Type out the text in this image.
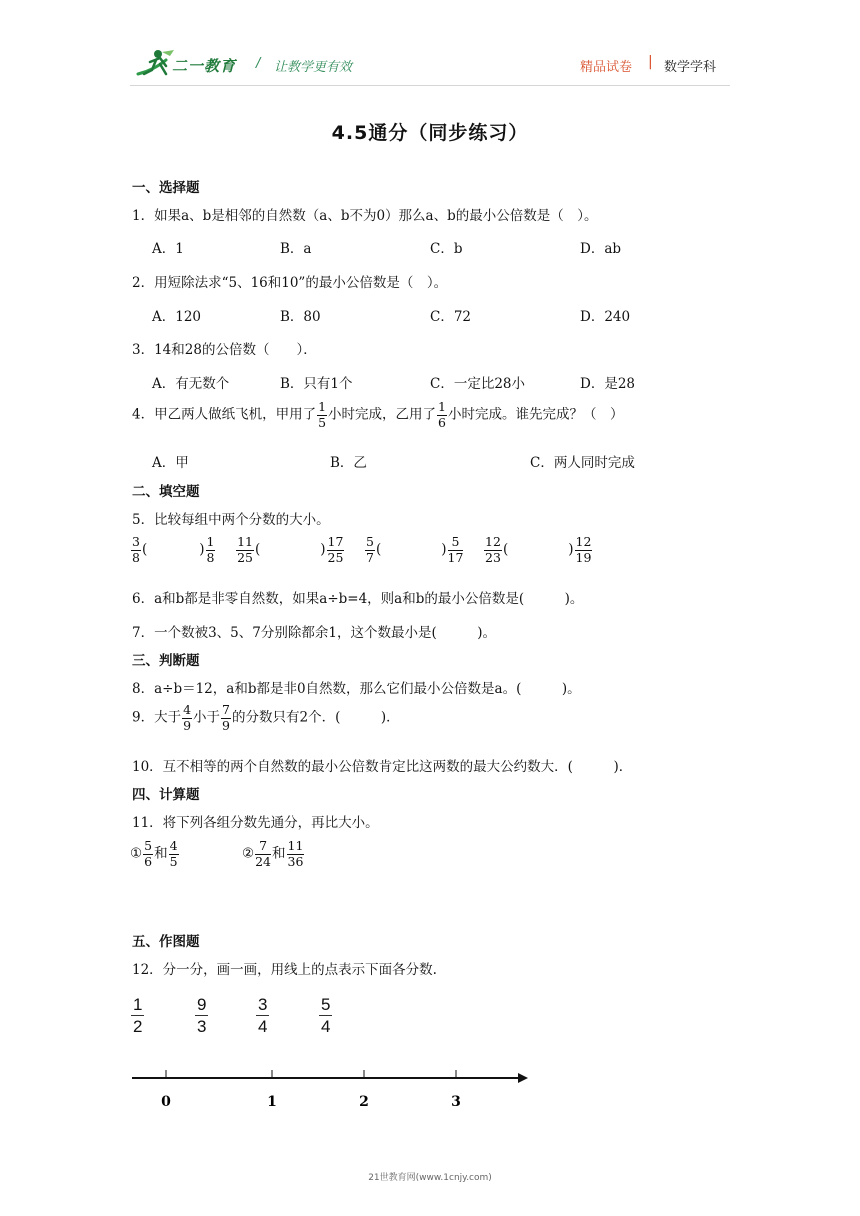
二一教育 / 让教学更有效	精品试卷 | 数学学科
4.5通分（同步练习）
一、选择题
1．如果a、b是相邻的自然数（a、b不为0）那么a、b的最小公倍数是（　）。
A．1	B．a	C．b	D．ab
2．用短除法求“5、16和10”的最小公倍数是（　）。
A．120	B．80	C．72	D．240
3．14和28的公倍数（　　）．
A．有无数个	B．只有1个	C．一定比28小	D．是28
4．甲乙两人做纸飞机，甲用了 $\frac{1}{5}$ 小时完成，乙用了 $\frac{1}{6}$ 小时完成。谁先完成？（　）
A．甲	B．乙	C．两人同时完成
二、填空题
5．比较每组中两个分数的大小。
$\frac{3}{8}$ (	) $\frac{1}{8}$
$\frac{11}{25}$ (	) $\frac{17}{25}$
$\frac{5}{7}$ (	) $\frac{5}{17}$
$\frac{12}{23}$ (	) $\frac{12}{19}$
6．a和b都是非零自然数，如果a÷b=4，则a和b的最小公倍数是(　　　)。
7．一个数被3、5、7分别除都余1，这个数最小是(　　　)。
三、判断题
8．a÷b＝12，a和b都是非0自然数，那么它们最小公倍数是a。(　　　)。
9．大于 $\frac{4}{9}$ 小于 $\frac{7}{9}$ 的分数只有2个．(　　　)．
10．互不相等的两个自然数的最小公倍数肯定比这两数的最大公约数大．(　　　)．
四、计算题
11．将下列各组分数先通分，再比大小。
① $\frac{5}{6}$ 和 $\frac{4}{5}$	② $\frac{7}{24}$ 和 $\frac{11}{36}$
五、作图题
12．分一分，画一画，用线上的点表示下面各分数.
$\frac{1}{2}$	$\frac{9}{3}$	$\frac{3}{4}$	$\frac{5}{4}$
0	1	2	3
21世教育网(www.1cnjy.com)
